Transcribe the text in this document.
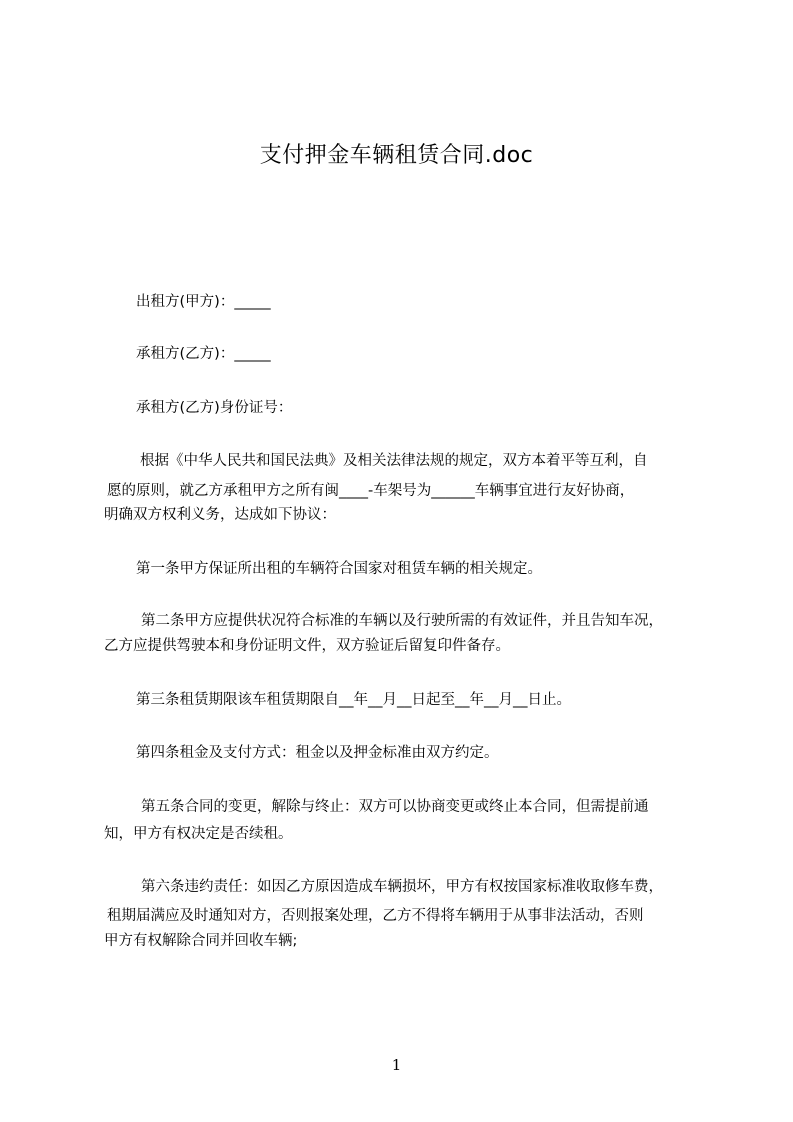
支付押金车辆租赁合同.doc
出租方(甲方)：_____
承租方(乙方)：_____
承租方(乙方)身份证号：
根据《中华人民共和国民法典》及相关法律法规的规定，双方本着平等互利，自
愿的原则，就乙方承租甲方之所有闽____-车架号为______车辆事宜进行友好协商，
明确双方权利义务，达成如下协议：
第一条甲方保证所出租的车辆符合国家对租赁车辆的相关规定。
第二条甲方应提供状况符合标准的车辆以及行驶所需的有效证件，并且告知车况，
乙方应提供驾驶本和身份证明文件，双方验证后留复印件备存。
第三条租赁期限该车租赁期限自__年__月__日起至__年__月__日止。
第四条租金及支付方式：租金以及押金标准由双方约定。
第五条合同的变更，解除与终止：双方可以协商变更或终止本合同，但需提前通
知，甲方有权决定是否续租。
第六条违约责任：如因乙方原因造成车辆损坏，甲方有权按国家标准收取修车费，
租期届满应及时通知对方，否则报案处理，乙方不得将车辆用于从事非法活动，否则
甲方有权解除合同并回收车辆;
1
